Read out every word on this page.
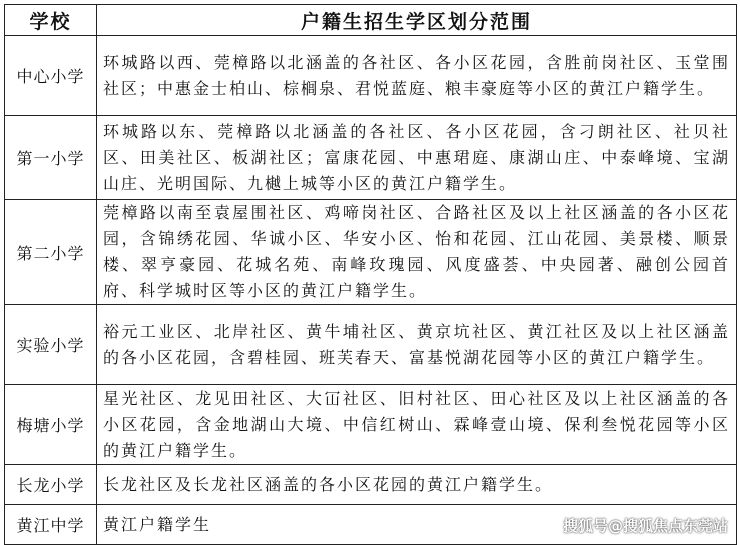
学校	户籍生招生学区划分范围
中心小学	环城路以西、莞樟路以北涵盖的各社区、各小区花园，含胜前岗社区、玉堂围社区；中惠金士柏山、棕榈泉、君悦蓝庭、粮丰豪庭等小区的黄江户籍学生。
第一小学	环城路以东、莞樟路以北涵盖的各社区、各小区花园，含刁朗社区、社贝社区、田美社区、板湖社区；富康花园、中惠珺庭、康湖山庄、中泰峰境、宝湖山庄、光明国际、九樾上城等小区的黄江户籍学生。
第二小学	莞樟路以南至袁屋围社区、鸡啼岗社区、合路社区及以上社区涵盖的各小区花园，含锦绣花园、华诚小区、华安小区、怡和花园、江山花园、美景楼、顺景楼、翠亨豪园、花城名苑、南峰玫瑰园、风度盛荟、中央园著、融创公园首府、科学城时区等小区的黄江户籍学生。
实验小学	裕元工业区、北岸社区、黄牛埔社区、黄京坑社区、黄江社区及以上社区涵盖的各小区花园，含碧桂园、班芙春天、富基悦湖花园等小区的黄江户籍学生。
梅塘小学	星光社区、龙见田社区、大冚社区、旧村社区、田心社区及以上社区涵盖的各小区花园，含金地湖山大境、中信红树山、霖峰壹山境、保利叁悦花园等小区的黄江户籍学生。
长龙小学	长龙社区及长龙社区涵盖的各小区花园的黄江户籍学生。
黄江中学	黄江户籍学生	搜狐号@搜狐焦点东莞站
